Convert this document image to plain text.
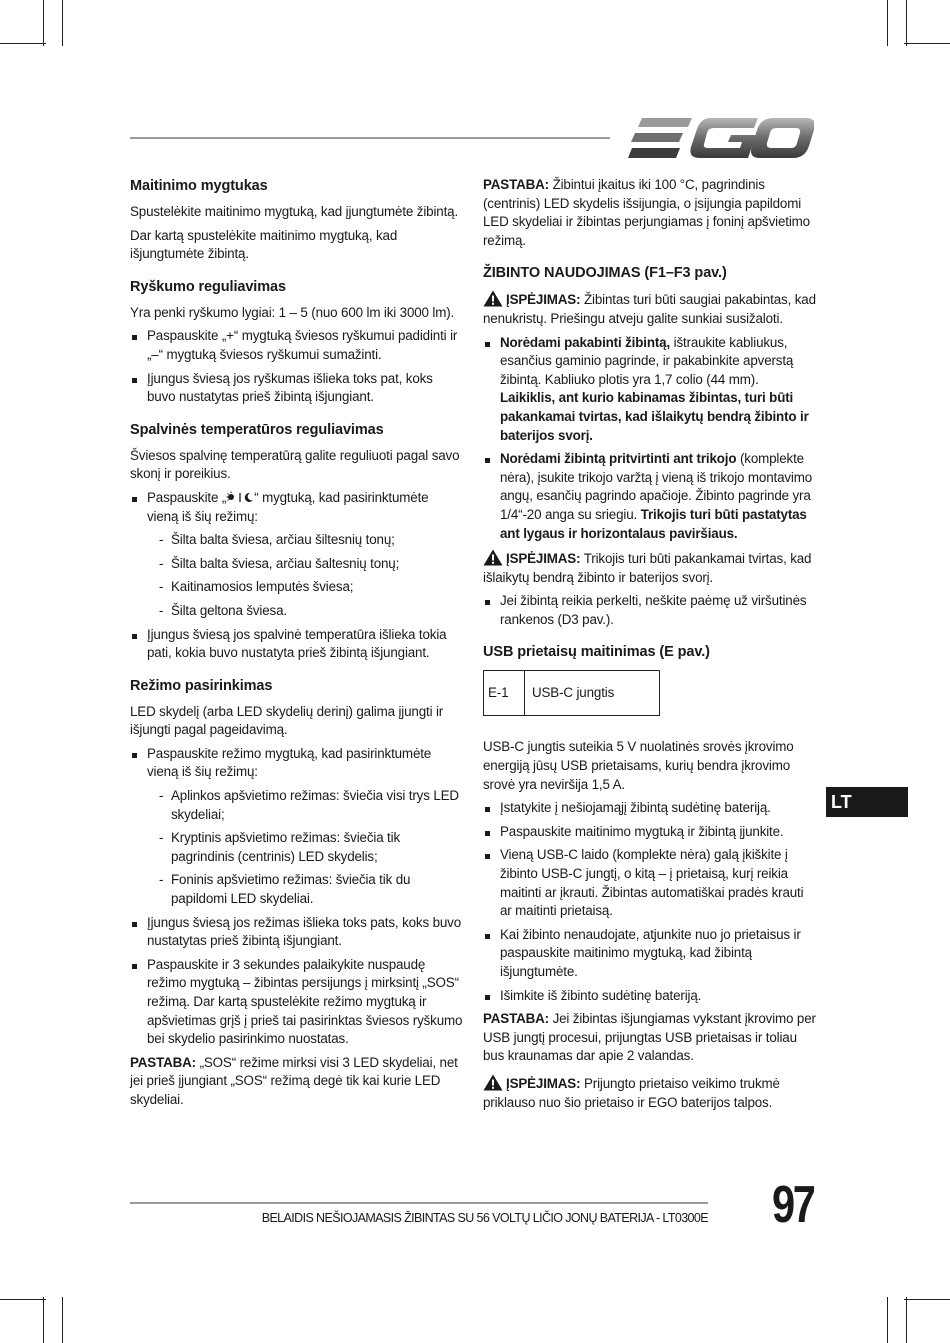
EGO
Maitinimo mygtukas

Spustelėkite maitinimo mygtuką, kad įjungtumėte žibintą.

Dar kartą spustelėkite maitinimo mygtuką, kad išjungtumėte žibintą.

Ryškumo reguliavimas

Yra penki ryškumo lygiai: 1 – 5 (nuo 600 lm iki 3000 lm).

Paspauskite „+“ mygtuką šviesos ryškumui padidinti ir „–“ mygtuką šviesos ryškumui sumažinti.
Įjungus šviesą jos ryškumas išlieka toks pat, koks buvo nustatytas prieš žibintą išjungiant.
Spalvinės temperatūros reguliavimas

Šviesos spalvinę temperatūrą galite reguliuoti pagal savo skonį ir poreikius.

Paspauskite „ “ mygtuką, kad pasirinktumėte vieną iš šių režimų:
- Šilta balta šviesa, arčiau šiltesnių tonų;
- Šilta balta šviesa, arčiau šaltesnių tonų;
- Kaitinamosios lemputės šviesa;
- Šilta geltona šviesa.
Įjungus šviesą jos spalvinė temperatūra išlieka tokia pati, kokia buvo nustatyta prieš žibintą išjungiant.
Režimo pasirinkimas

LED skydelį (arba LED skydelių derinį) galima įjungti ir išjungti pagal pageidavimą.

Paspauskite režimo mygtuką, kad pasirinktumėte vieną iš šių režimų:
- Aplinkos apšvietimo režimas: šviečia visi trys LED skydeliai;
- Kryptinis apšvietimo režimas: šviečia tik pagrindinis (centrinis) LED skydelis;
- Foninis apšvietimo režimas: šviečia tik du papildomi LED skydeliai.
Įjungus šviesą jos režimas išlieka toks pats, koks buvo nustatytas prieš žibintą išjungiant.
Paspauskite ir 3 sekundes palaikykite nuspaudę režimo mygtuką – žibintas persijungs į mirksintį „SOS“ režimą. Dar kartą spustelėkite režimo mygtuką ir apšvietimas grįš į prieš tai pasirinktas šviesos ryškumo bei skydelio pasirinkimo nuostatas.

PASTABA: „SOS“ režime mirksi visi 3 LED skydeliai, net jei prieš įjungiant „SOS“ režimą degė tik kai kurie LED skydeliai.

PASTABA: Žibintui įkaitus iki 100 °C, pagrindinis (centrinis) LED skydelis išsijungia, o įsijungia papildomi LED skydeliai ir žibintas perjungiamas į foninį apšvietimo režimą.

ŽIBINTO NAUDOJIMAS (F1–F3 pav.)

ĮSPĖJIMAS: Žibintas turi būti saugiai pakabintas, kad nenukristų. Priešingu atveju galite sunkiai susižaloti.

Norėdami pakabinti žibintą, ištraukite kabliukus, esančius gaminio pagrinde, ir pakabinkite apverstą žibintą. Kabliuko plotis yra 1,7 colio (44 mm). Laikiklis, ant kurio kabinamas žibintas, turi būti pakankamai tvirtas, kad išlaikytų bendrą žibinto ir baterijos svorį.
Norėdami žibintą pritvirtinti ant trikojo (komplekte nėra), įsukite trikojo varžtą į vieną iš trikojo montavimo angų, esančių pagrindo apačioje. Žibinto pagrinde yra 1/4“-20 anga su sriegiu. Trikojis turi būti pastatytas ant lygaus ir horizontalaus paviršiaus.

ĮSPĖJIMAS: Trikojis turi būti pakankamai tvirtas, kad išlaikytų bendrą žibinto ir baterijos svorį.

Jei žibintą reikia perkelti, neškite paėmę už viršutinės rankenos (D3 pav.).
USB prietaisų maitinimas (E pav.)
E-1	USB-C jungtis

USB-C jungtis suteikia 5 V nuolatinės srovės įkrovimo energiją jūsų USB prietaisams, kurių bendra įkrovimo srovė yra neviršija 1,5 A.

Įstatykite į nešiojamąjį žibintą sudėtinę bateriją.
Paspauskite maitinimo mygtuką ir žibintą įjunkite.
Vieną USB-C laido (komplekte nėra) galą įkiškite į žibinto USB-C jungtį, o kitą – į prietaisą, kurį reikia maitinti ar įkrauti. Žibintas automatiškai pradės krauti ar maitinti prietaisą.
Kai žibinto nenaudojate, atjunkite nuo jo prietaisus ir paspauskite maitinimo mygtuką, kad žibintą išjungtumėte.
Išimkite iš žibinto sudėtinę bateriją.

PASTABA: Jei žibintas išjungiamas vykstant įkrovimo per USB jungtį procesui, prijungtas USB prietaisas ir toliau bus kraunamas dar apie 2 valandas.

ĮSPĖJIMAS: Prijungto prietaiso veikimo trukmė priklauso nuo šio prietaiso ir EGO baterijos talpos.

LT
BELAIDIS NEŠIOJAMASIS ŽIBINTAS SU 56 VOLTŲ LIČIO JONŲ BATERIJA - LT0300E 97
